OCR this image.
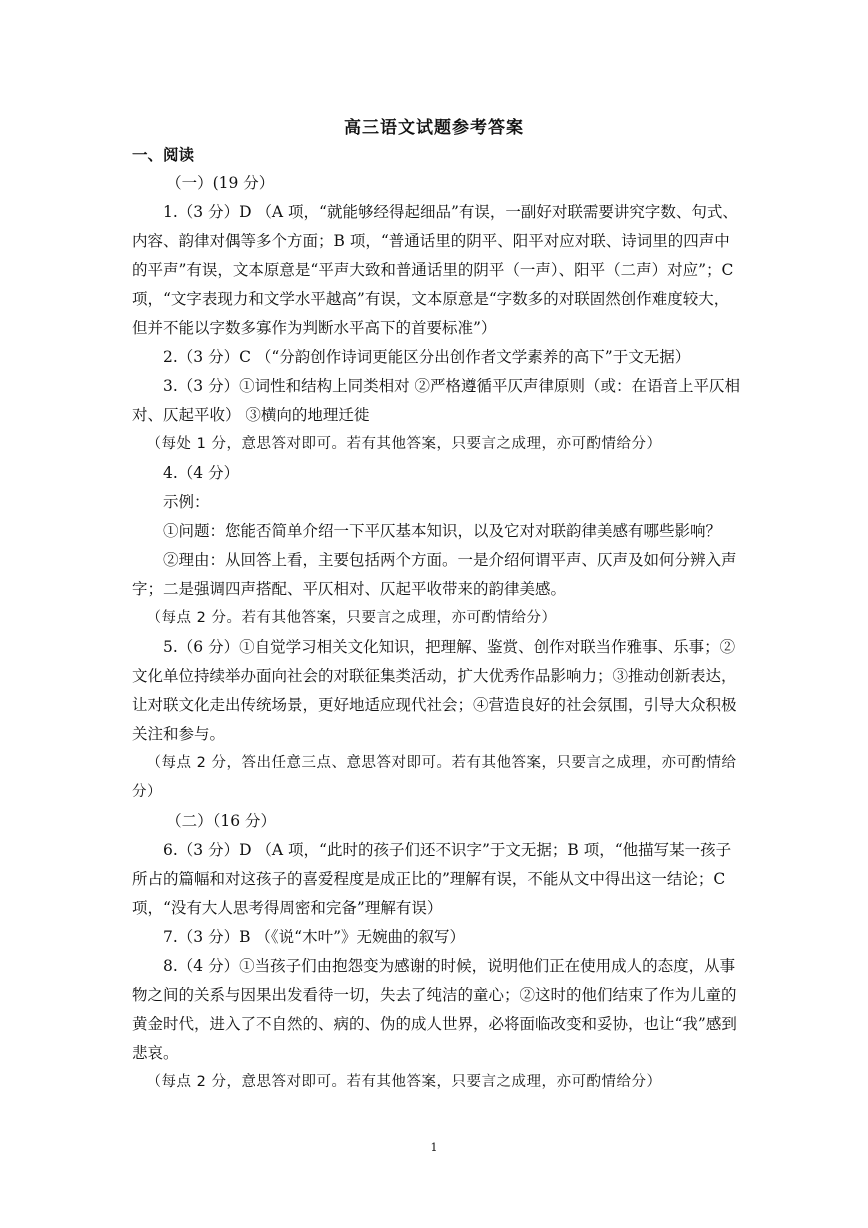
高三语文试题参考答案

一、阅读

（一）(19 分）

1.（3 分）D （A 项，“就能够经得起细品”有误，一副好对联需要讲究字数、句式、内容、韵律对偶等多个方面；B 项，“普通话里的阴平、阳平对应对联、诗词里的四声中的平声”有误，文本原意是“平声大致和普通话里的阴平（一声）、阳平（二声）对应”；C 项，“文字表现力和文学水平越高”有误，文本原意是“字数多的对联固然创作难度较大，但并不能以字数多寡作为判断水平高下的首要标准”）

2.（3 分）C （“分韵创作诗词更能区分出创作者文学素养的高下”于文无据）

3.（3 分）①词性和结构上同类相对 ②严格遵循平仄声律原则（或：在语音上平仄相对、仄起平收） ③横向的地理迁徙

（每处 1 分，意思答对即可。若有其他答案，只要言之成理，亦可酌情给分）

4.（4 分）

示例：

①问题：您能否简单介绍一下平仄基本知识，以及它对对联韵律美感有哪些影响？

②理由：从回答上看，主要包括两个方面。一是介绍何谓平声、仄声及如何分辨入声字；二是强调四声搭配、平仄相对、仄起平收带来的韵律美感。

（每点 2 分。若有其他答案，只要言之成理，亦可酌情给分）

5.（6 分）①自觉学习相关文化知识，把理解、鉴赏、创作对联当作雅事、乐事；②文化单位持续举办面向社会的对联征集类活动，扩大优秀作品影响力；③推动创新表达，让对联文化走出传统场景，更好地适应现代社会；④营造良好的社会氛围，引导大众积极关注和参与。

（每点 2 分，答出任意三点、意思答对即可。若有其他答案，只要言之成理，亦可酌情给分）

（二）（16 分）

6.（3 分）D （A 项，“此时的孩子们还不识字”于文无据；B 项，“他描写某一孩子所占的篇幅和对这孩子的喜爱程度是成正比的”理解有误，不能从文中得出这一结论；C 项，“没有大人思考得周密和完备”理解有误）

7.（3 分）B （《说“木叶”》无婉曲的叙写）

8.（4 分）①当孩子们由抱怨变为感谢的时候，说明他们正在使用成人的态度，从事物之间的关系与因果出发看待一切，失去了纯洁的童心；②这时的他们结束了作为儿童的黄金时代，进入了不自然的、病的、伪的成人世界，必将面临改变和妥协，也让“我”感到悲哀。

（每点 2 分，意思答对即可。若有其他答案，只要言之成理，亦可酌情给分）

1
